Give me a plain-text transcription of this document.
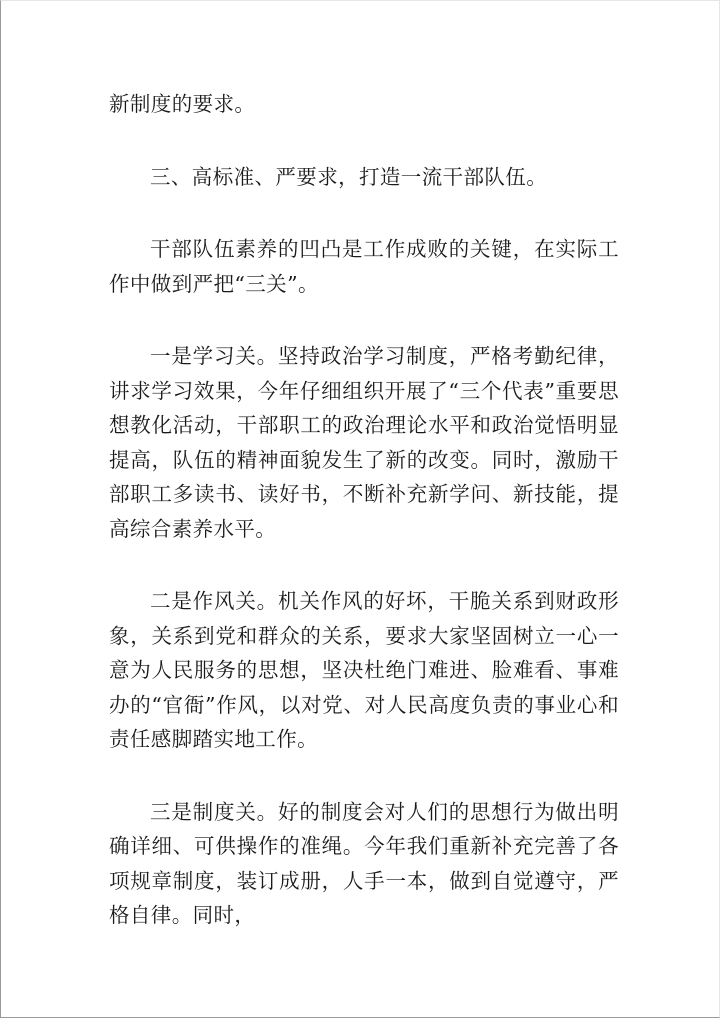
新制度的要求。

三、高标准、严要求，打造一流干部队伍。

干部队伍素养的凹凸是工作成败的关键，在实际工作中做到严把“三关”。

一是学习关。坚持政治学习制度，严格考勤纪律，讲求学习效果，今年仔细组织开展了“三个代表”重要思想教化活动，干部职工的政治理论水平和政治觉悟明显提高，队伍的精神面貌发生了新的改变。同时，激励干部职工多读书、读好书，不断补充新学问、新技能，提高综合素养水平。

二是作风关。机关作风的好坏，干脆关系到财政形象，关系到党和群众的关系，要求大家坚固树立一心一意为人民服务的思想，坚决杜绝门难进、脸难看、事难办的“官衙”作风，以对党、对人民高度负责的事业心和责任感脚踏实地工作。

三是制度关。好的制度会对人们的思想行为做出明确详细、可供操作的准绳。今年我们重新补充完善了各项规章制度，装订成册，人手一本，做到自觉遵守，严格自律。同时，
